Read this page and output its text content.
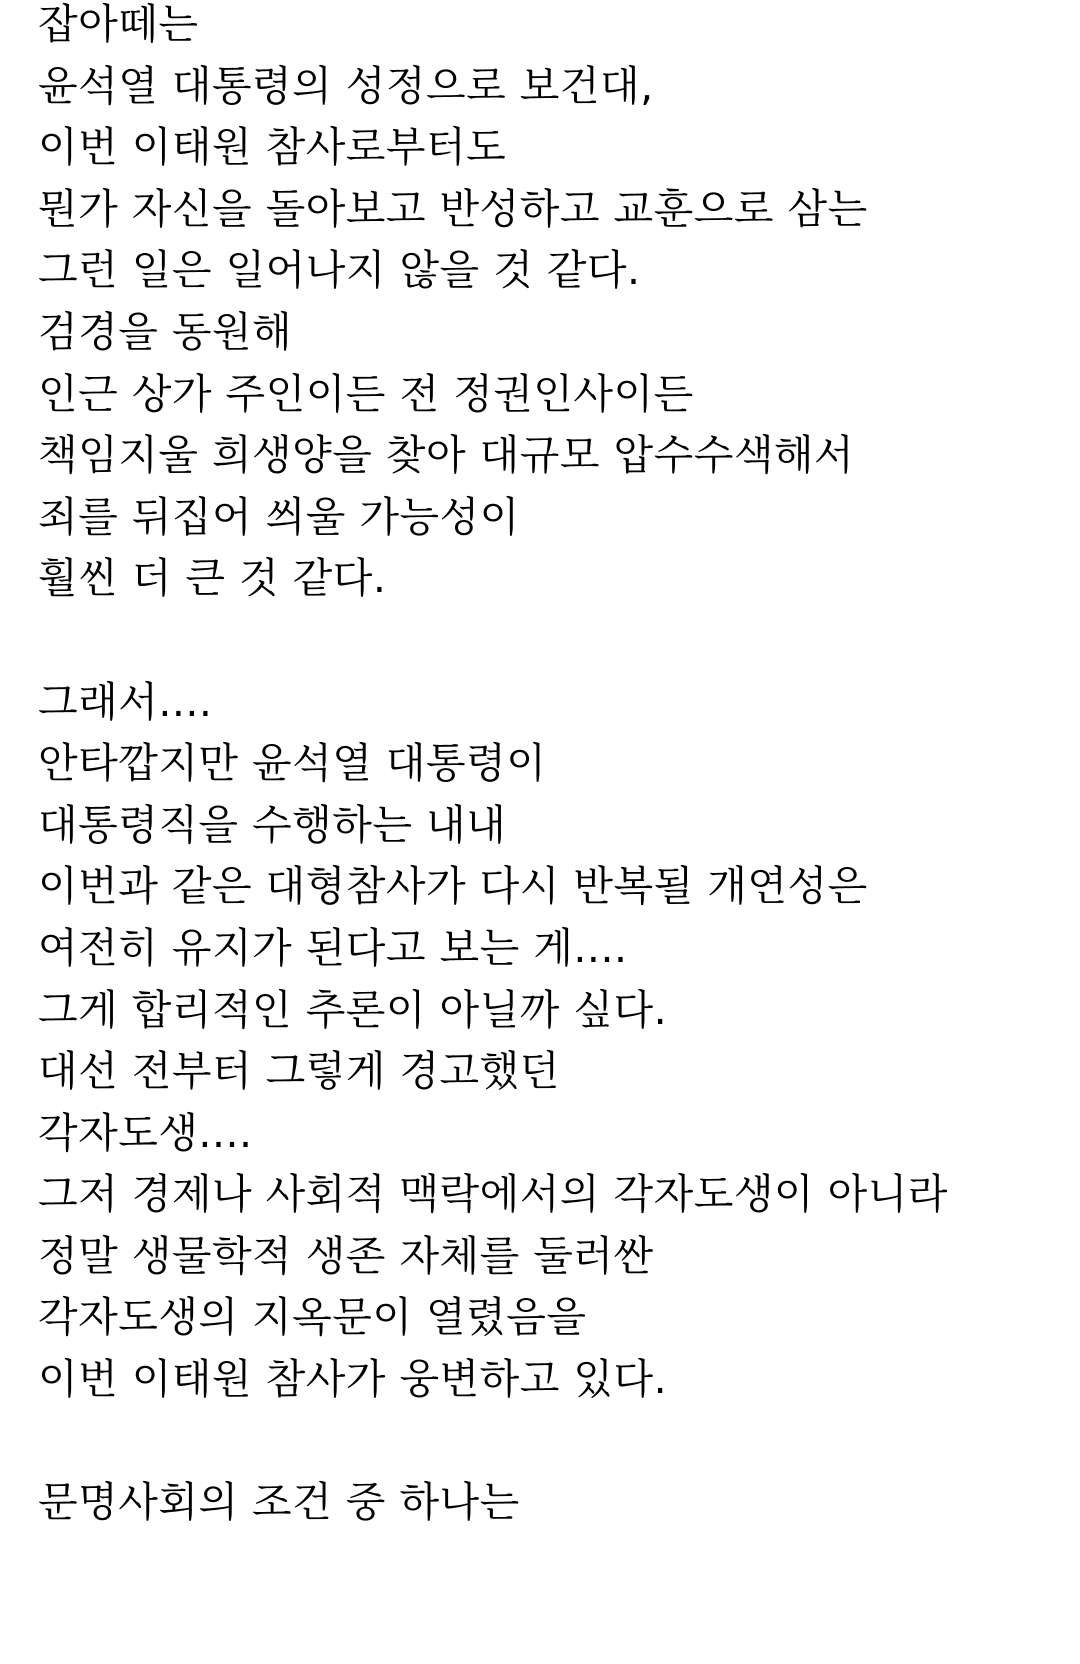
잡아떼는
윤석열 대통령의 성정으로 보건대,
이번 이태원 참사로부터도
뭔가 자신을 돌아보고 반성하고 교훈으로 삼는
그런 일은 일어나지 않을 것 같다.
검경을 동원해
인근 상가 주인이든 전 정권인사이든
책임지울 희생양을 찾아 대규모 압수수색해서
죄를 뒤집어 씌울 가능성이
훨씬 더 큰 것 같다.
그래서....
안타깝지만 윤석열 대통령이
대통령직을 수행하는 내내
이번과 같은 대형참사가 다시 반복될 개연성은
여전히 유지가 된다고 보는 게....
그게 합리적인 추론이 아닐까 싶다.
대선 전부터 그렇게 경고했던
각자도생....
그저 경제나 사회적 맥락에서의 각자도생이 아니라
정말 생물학적 생존 자체를 둘러싼
각자도생의 지옥문이 열렸음을
이번 이태원 참사가 웅변하고 있다.
문명사회의 조건 중 하나는
